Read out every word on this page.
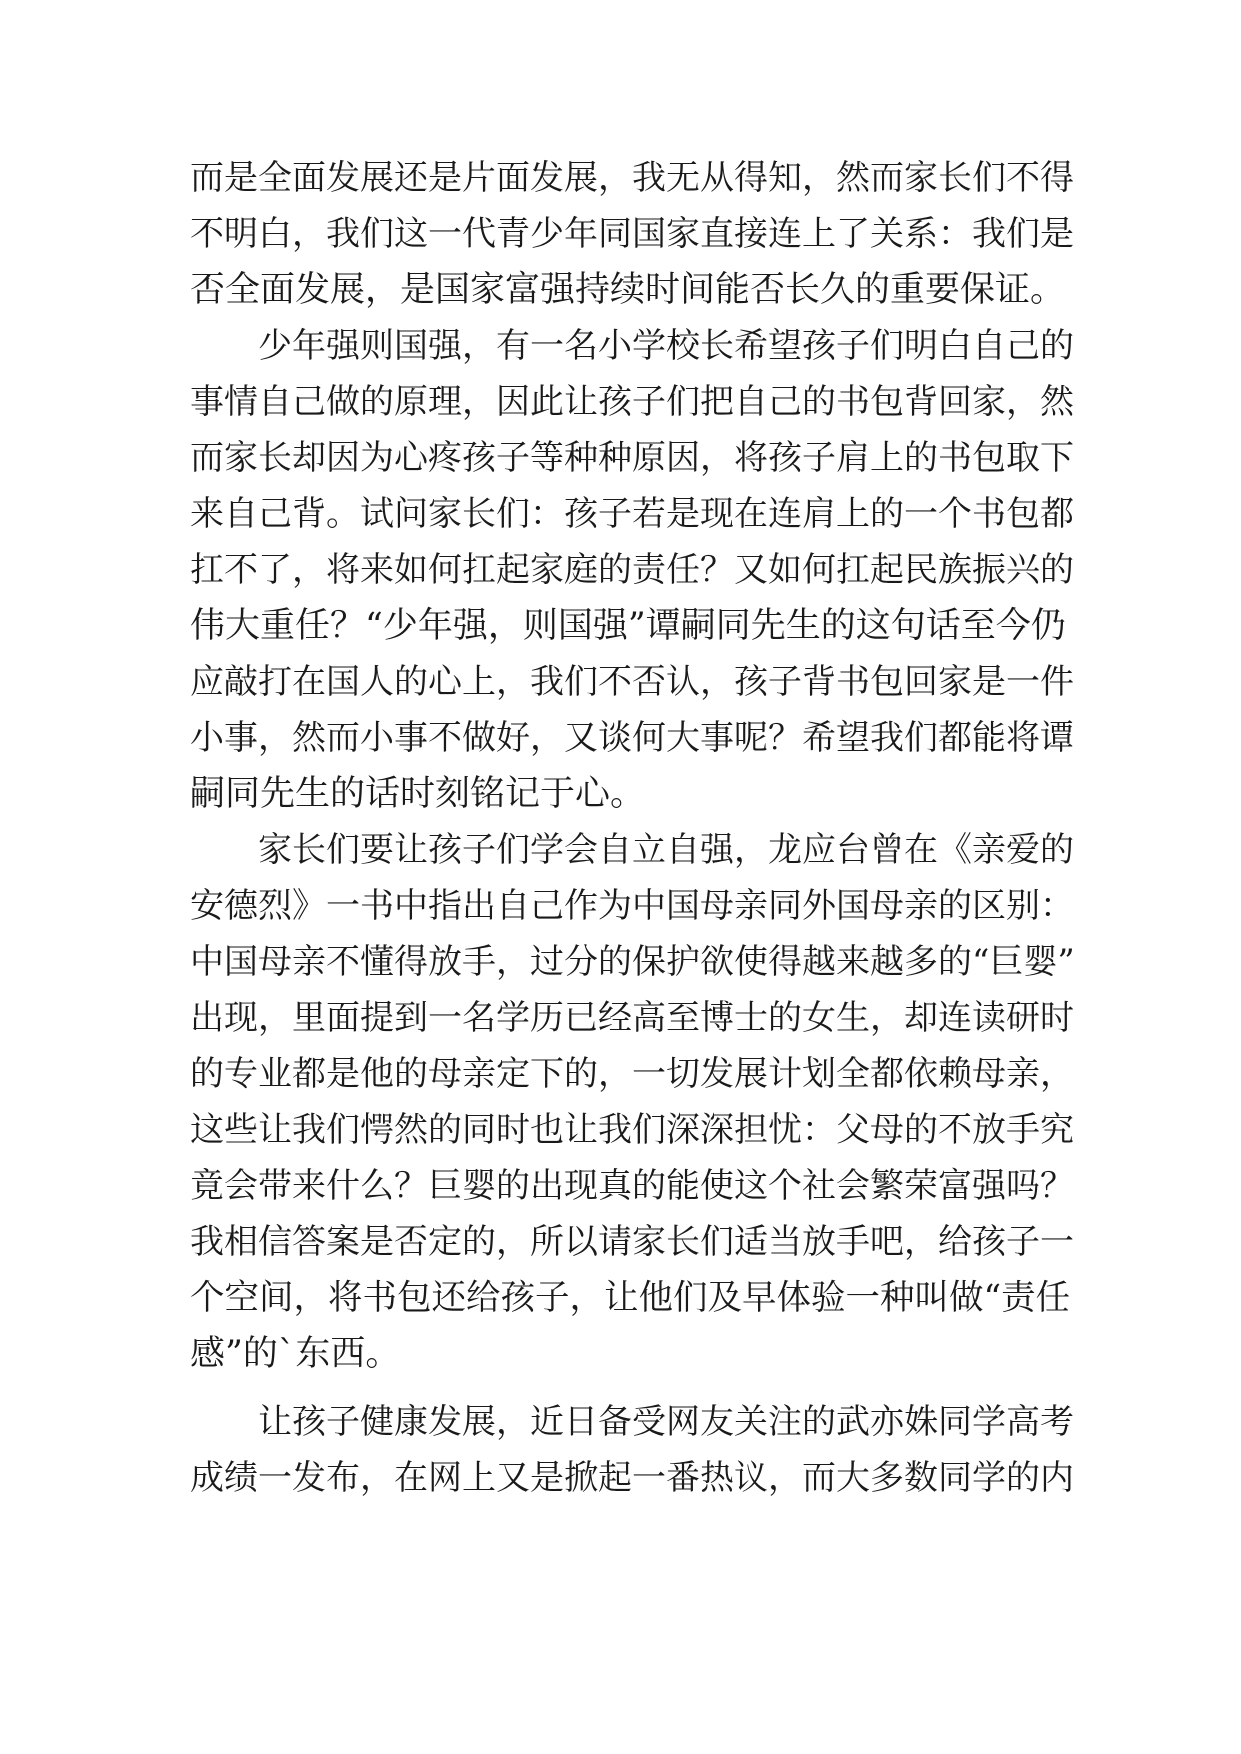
而是全面发展还是片面发展，我无从得知，然而家长们不得
不明白，我们这一代青少年同国家直接连上了关系：我们是
否全面发展，是国家富强持续时间能否长久的重要保证。
　　少年强则国强，有一名小学校长希望孩子们明白自己的
事情自己做的原理，因此让孩子们把自己的书包背回家，然
而家长却因为心疼孩子等种种原因，将孩子肩上的书包取下
来自己背。试问家长们：孩子若是现在连肩上的一个书包都
扛不了，将来如何扛起家庭的责任？又如何扛起民族振兴的
伟大重任？“少年强，则国强”谭嗣同先生的这句话至今仍
应敲打在国人的心上，我们不否认，孩子背书包回家是一件
小事，然而小事不做好，又谈何大事呢？希望我们都能将谭
嗣同先生的话时刻铭记于心。
　　家长们要让孩子们学会自立自强，龙应台曾在《亲爱的
安德烈》一书中指出自己作为中国母亲同外国母亲的区别：
中国母亲不懂得放手，过分的保护欲使得越来越多的“巨婴”
出现，里面提到一名学历已经高至博士的女生，却连读研时
的专业都是他的母亲定下的，一切发展计划全都依赖母亲，
这些让我们愕然的同时也让我们深深担忧：父母的不放手究
竟会带来什么？巨婴的出现真的能使这个社会繁荣富强吗？
我相信答案是否定的，所以请家长们适当放手吧，给孩子一
个空间，将书包还给孩子，让他们及早体验一种叫做“责任
感”的`东西。
　　让孩子健康发展，近日备受网友关注的武亦姝同学高考
成绩一发布，在网上又是掀起一番热议，而大多数同学的内
